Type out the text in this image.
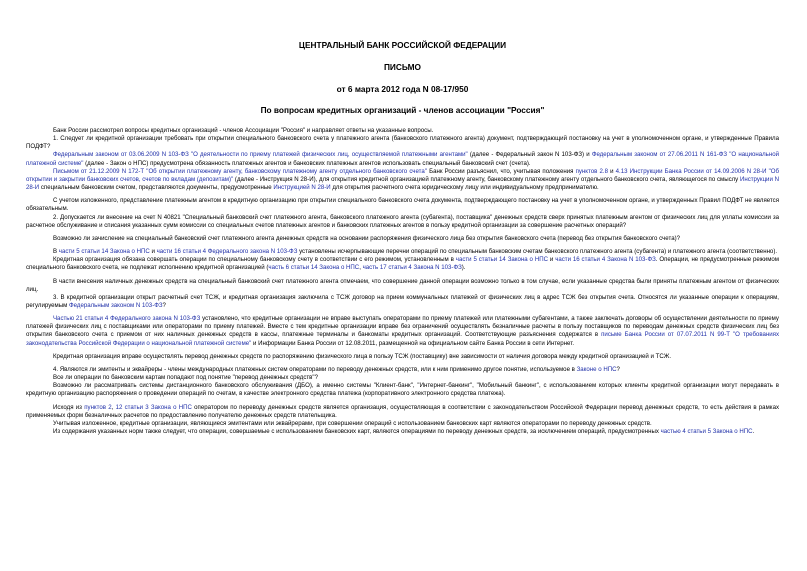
ЦЕНТРАЛЬНЫЙ БАНК РОССИЙСКОЙ ФЕДЕРАЦИИ

ПИСЬМО

от 6 марта 2012 года N 08-17/950

По вопросам кредитных организаций - членов ассоциации "Россия"

Банк России рассмотрел вопросы кредитных организаций - членов Ассоциации "Россия" и направляет ответы на указанные вопросы.

1. Следует ли кредитной организации требовать при открытии специального банковского счета у платежного агента (банковского платежного агента) документ, подтверждающий постановку на учет в уполномоченном органе, и утвержденные Правила ПОДФТ?

Федеральным законом от 03.06.2009 N 103-ФЗ "О деятельности по приему платежей физических лиц, осуществляемой платежными агентами" (далее - Федеральный закон N 103-ФЗ) и Федеральным законом от 27.06.2011 N 161-ФЗ "О национальной платежной системе" (далее - Закон о НПС) предусмотрена обязанность платежных агентов и банковских платежных агентов использовать специальный банковский счет (счета).

Письмом от 21.12.2009 N 172-Т "Об открытии платежному агенту, банковскому платежному агенту отдельного банковского счета" Банк России разъяснил, что, учитывая положения пунктов 2.8 и 4.13 Инструкции Банка России от 14.09.2006 N 28-И "Об открытии и закрытии банковских счетов, счетов по вкладам (депозитам)" (далее - Инструкция N 28-И), для открытия кредитной организацией платежному агенту, банковскому платежному агенту отдельного банковского счета, являющегося по смыслу Инструкции N 28-И специальным банковским счетом, представляются документы, предусмотренные Инструкцией N 28-И для открытия расчетного счета юридическому лицу или индивидуальному предпринимателю.

С учетом изложенного, представление платежным агентом в кредитную организацию при открытии специального банковского счета документа, подтверждающего постановку на учет в уполномоченном органе, и утвержденных Правил ПОДФТ не является обязательным.

2. Допускается ли внесение на счет N 40821 "Специальный банковский счет платежного агента, банковского платежного агента (субагента), поставщика" денежных средств сверх принятых платежным агентом от физических лиц для уплаты комиссии за расчетное обслуживание и списания указанных сумм комиссии со специальных счетов платежных агентов и банковских платежных агентов в пользу кредитной организации за совершение расчетных операций?

Возможно ли зачисление на специальный банковский счет платежного агента денежных средств на основании распоряжения физического лица без открытия банковского счета (перевод без открытия банковского счета)?

В части 5 статьи 14 Закона о НПС и части 16 статьи 4 Федерального закона N 103-ФЗ установлены исчерпывающие перечни операций по специальным банковским счетам банковского платежного агента (субагента) и платежного агента (соответственно).

Кредитная организация обязана совершать операции по специальному банковскому счету в соответствии с его режимом, установленным в части 5 статьи 14 Закона о НПС и части 16 статьи 4 Закона N 103-ФЗ. Операции, не предусмотренные режимом специального банковского счета, не подлежат исполнению кредитной организацией (часть 6 статьи 14 Закона о НПС, часть 17 статьи 4 Закона N 103-ФЗ).

В части внесения наличных денежных средств на специальный банковский счет платежного агента отмечаем, что совершение данной операции возможно только в том случае, если указанные средства были приняты платежным агентом от физических лиц.

3. В кредитной организации открыт расчетный счет ТСЖ, и кредитная организация заключила с ТСЖ договор на прием коммунальных платежей от физических лиц в адрес ТСЖ без открытия счета. Относятся ли указанные операции к операциям, регулируемым Федеральным законом N 103-ФЗ?

Частью 21 статьи 4 Федерального закона N 103-ФЗ установлено, что кредитные организации не вправе выступать операторами по приему платежей или платежными субагентами, а также заключать договоры об осуществлении деятельности по приему платежей физических лиц с поставщиками или операторами по приему платежей. Вместе с тем кредитные организации вправе без ограничений осуществлять безналичные расчеты в пользу поставщиков по переводам денежных средств физических лиц без открытия банковского счета с приемом от них наличных денежных средств в кассы, платежные терминалы и банкоматы кредитных организаций. Соответствующие разъяснения содержатся в письме Банка России от 07.07.2011 N 99-Т "О требованиях законодательства Российской Федерации о национальной платежной системе" и Информации Банка России от 12.08.2011, размещенной на официальном сайте Банка России в сети Интернет.

Кредитная организация вправе осуществлять перевод денежных средств по распоряжению физического лица в пользу ТСЖ (поставщику) вне зависимости от наличия договора между кредитной организацией и ТСЖ.

4. Являются ли эмитенты и эквайреры - члены международных платежных систем операторами по переводу денежных средств, или к ним применимо другое понятие, используемое в Законе о НПС?

Все ли операции по банковским картам попадают под понятие "перевод денежных средств"?

Возможно ли рассматривать системы дистанционного банковского обслуживания (ДБО), а именно системы "Клиент-банк", "Интернет-банкинг", "Мобильный банкинг", с использованием которых клиенты кредитной организации могут передавать в кредитную организацию распоряжения о проведении операций по счетам, в качестве электронного средства платежа (корпоративного электронного средства платежа).

Исходя из пунктов 2, 12 статьи 3 Закона о НПС оператором по переводу денежных средств является организация, осуществляющая в соответствии с законодательством Российской Федерации перевод денежных средств, то есть действия в рамках применяемых форм безналичных расчетов по предоставлению получателю денежных средств плательщика.

Учитывая изложенное, кредитные организации, являющиеся эмитентами или эквайрерами, при совершении операций с использованием банковских карт являются операторами по переводу денежных средств.

Из содержания указанных норм также следует, что операции, совершаемые с использованием банковских карт, являются операциями по переводу денежных средств, за исключением операций, предусмотренных частью 4 статьи 5 Закона о НПС.
